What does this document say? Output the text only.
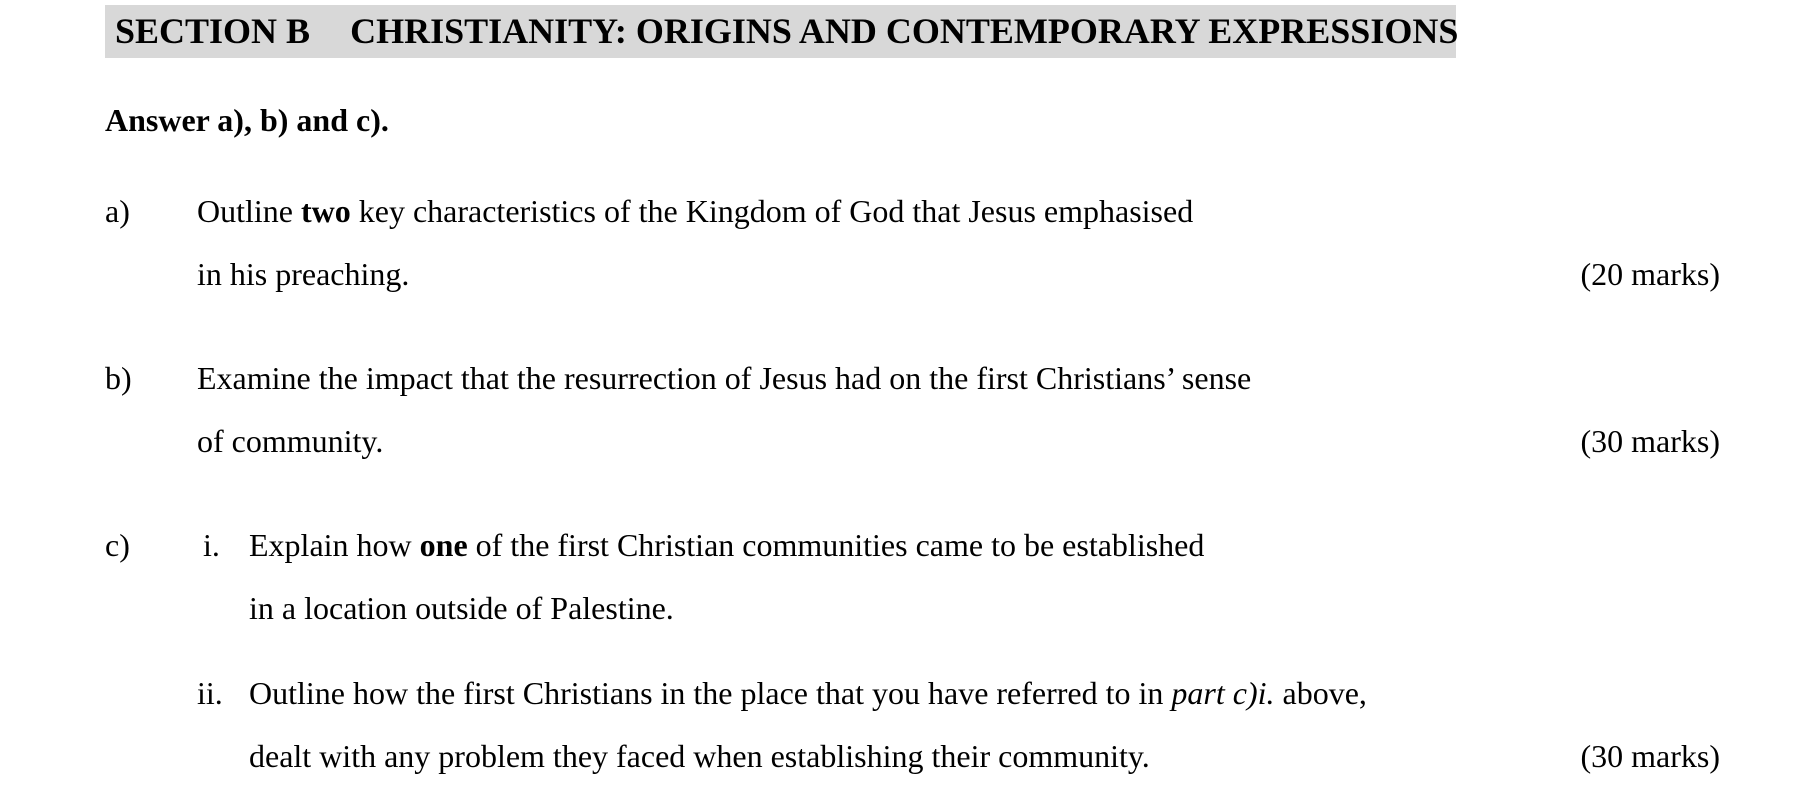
SECTION B CHRISTIANITY: ORIGINS AND CONTEMPORARY EXPRESSIONS
Answer a), b) and c).
a)	Outline two key characteristics of the Kingdom of God that Jesus emphasised
in his preaching.	(20 marks)
b)	Examine the impact that the resurrection of Jesus had on the first Christians’ sense
of community.	(30 marks)
c)	i. Explain how one of the first Christian communities came to be established
in a location outside of Palestine.
ii. Outline how the first Christians in the place that you have referred to in part c)i. above,
dealt with any problem they faced when establishing their community.	(30 marks)
